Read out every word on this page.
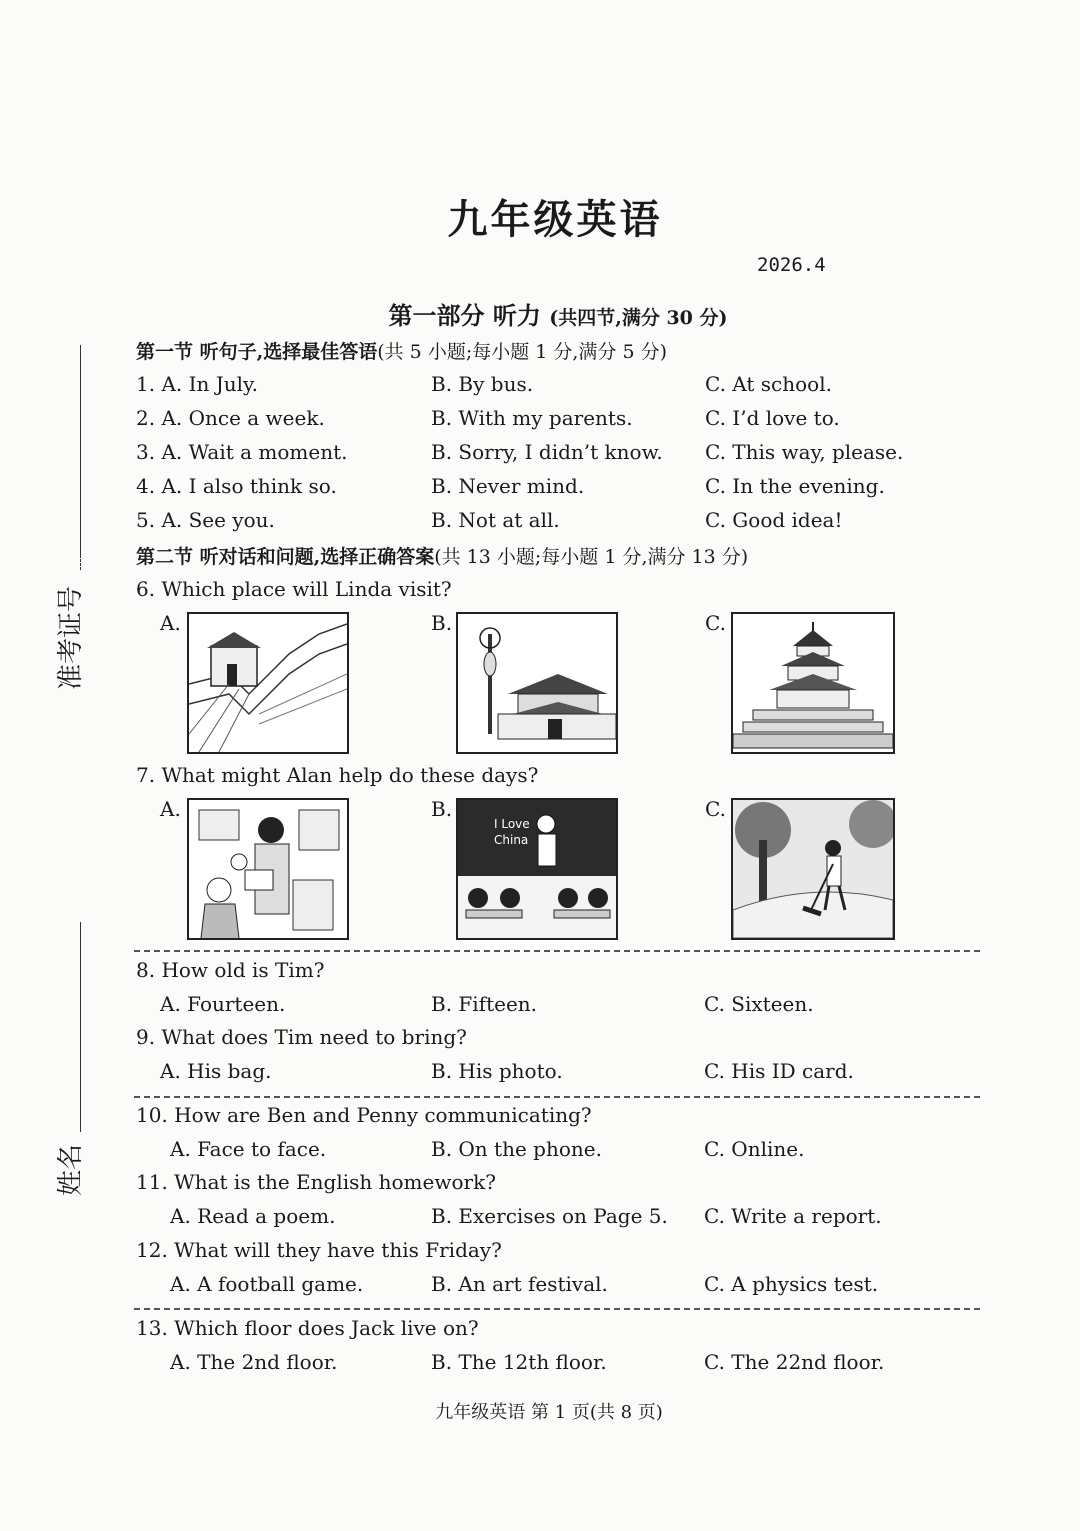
准考证号
姓名
九年级英语
2026.4
第一部分 听力 (共四节,满分 30 分)
第一节 听句子,选择最佳答语(共 5 小题;每小题 1 分,满分 5 分)
1. A. In July.	B. By bus.	C. At school.
2. A. Once a week.	B. With my parents.	C. I’d love to.
3. A. Wait a moment.	B. Sorry, I didn’t know. C. This way, please.
4. A. I also think so.	B. Never mind.	C. In the evening.
5. A. See you.	B. Not at all.	C. Good idea!
第二节 听对话和问题,选择正确答案(共 13 小题;每小题 1 分,满分 13 分)
6. Which place will Linda visit?
A.	B.	C.
7. What might Alan help do these days?
A.	B.
I Love
China
C.
8. How old is Tim?
A. Fourteen.	B. Fifteen.	C. Sixteen.
9. What does Tim need to bring?
A. His bag.	B. His photo.	C. His ID card.
10. How are Ben and Penny communicating?
A. Face to face.	B. On the phone.	C. Online.
11. What is the English homework?
A. Read a poem.	B. Exercises on Page 5. C. Write a report.
12. What will they have this Friday?
A. A football game.	B. An art festival.	C. A physics test.
13. Which floor does Jack live on?
A. The 2nd floor.	B. The 12th floor.	C. The 22nd floor.
九年级英语 第 1 页(共 8 页)
